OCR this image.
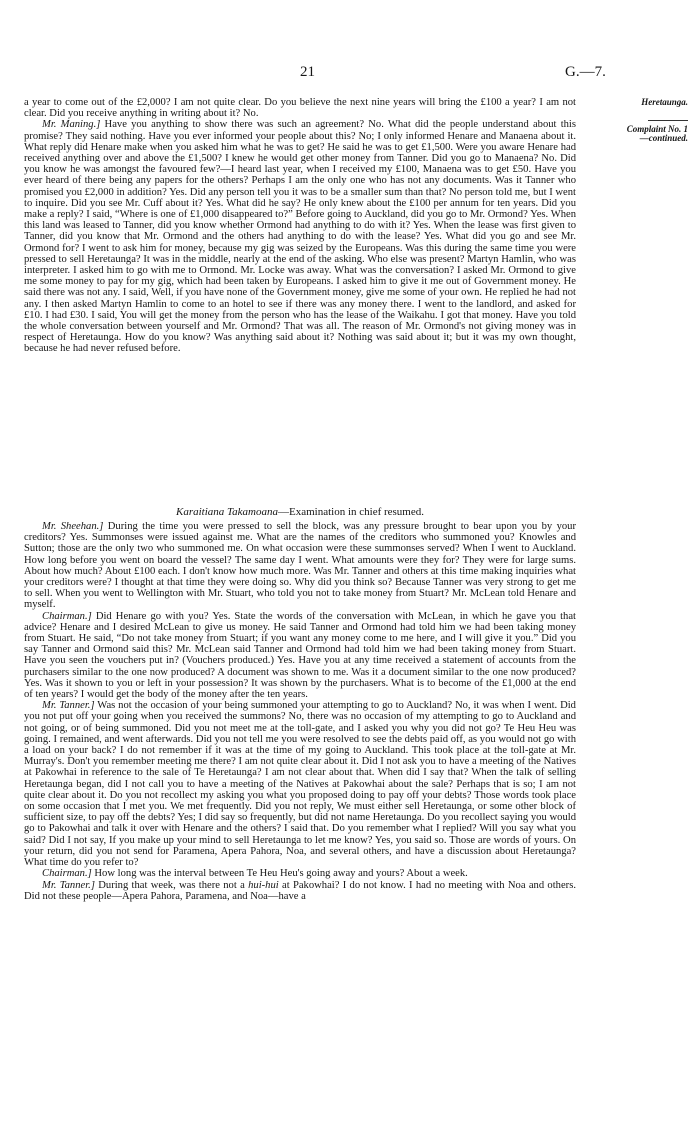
21	G.—7.
Heretaunga.
Complaint No. 1
—continued.

a year to come out of the £2,000? I am not quite clear. Do you believe the next nine years will bring the £100 a year? I am not clear. Did you receive anything in writing about it? No.

Mr. Maning.] Have you anything to show there was such an agreement? No. What did the people understand about this promise? They said nothing. Have you ever informed your people about this? No; I only informed Henare and Manaena about it. What reply did Henare make when you asked him what he was to get? He said he was to get £1,500. Were you aware Henare had received anything over and above the £1,500? I knew he would get other money from Tanner. Did you go to Manaena? No. Did you know he was amongst the favoured few?—I heard last year, when I received my £100, Manaena was to get £50. Have you ever heard of there being any papers for the others? Perhaps I am the only one who has not any documents. Was it Tanner who promised you £2,000 in addition? Yes. Did any person tell you it was to be a smaller sum than that? No person told me, but I went to inquire. Did you see Mr. Cuff about it? Yes. What did he say? He only knew about the £100 per annum for ten years. Did you make a reply? I said, “Where is one of £1,000 disappeared to?” Before going to Auckland, did you go to Mr. Ormond? Yes. When this land was leased to Tanner, did you know whether Ormond had anything to do with it? Yes. When the lease was first given to Tanner, did you know that Mr. Ormond and the others had anything to do with the lease? Yes. What did you go and see Mr. Ormond for? I went to ask him for money, because my gig was seized by the Europeans. Was this during the same time you were pressed to sell Heretaunga? It was in the middle, nearly at the end of the asking. Who else was present? Martyn Hamlin, who was interpreter. I asked him to go with me to Ormond. Mr. Locke was away. What was the conversation? I asked Mr. Ormond to give me some money to pay for my gig, which had been taken by Europeans. I asked him to give it me out of Government money. He said there was not any. I said, Well, if you have none of the Government money, give me some of your own. He replied he had not any. I then asked Martyn Hamlin to come to an hotel to see if there was any money there. I went to the landlord, and asked for £10. I had £30. I said, You will get the money from the person who has the lease of the Waikahu. I got that money. Have you told the whole conversation between yourself and Mr. Ormond? That was all. The reason of Mr. Ormond's not giving money was in respect of Heretaunga. How do you know? Was anything said about it? Nothing was said about it; but it was my own thought, because he had never refused before.

Karaitiana Takamoana—Examination in chief resumed.

Mr. Sheehan.] During the time you were pressed to sell the block, was any pressure brought to bear upon you by your creditors? Yes. Summonses were issued against me. What are the names of the creditors who summoned you? Knowles and Sutton; those are the only two who summoned me. On what occasion were these summonses served? When I went to Auckland. How long before you went on board the vessel? The same day I went. What amounts were they for? They were for large sums. About how much? About £100 each. I don't know how much more. Was Mr. Tanner and others at this time making inquiries what your creditors were? I thought at that time they were doing so. Why did you think so? Because Tanner was very strong to get me to sell. When you went to Wellington with Mr. Stuart, who told you not to take money from Stuart? Mr. McLean told Henare and myself.

Chairman.] Did Henare go with you? Yes. State the words of the conversation with McLean, in which he gave you that advice? Henare and I desired McLean to give us money. He said Tanner and Ormond had told him we had been taking money from Stuart. He said, “Do not take money from Stuart; if you want any money come to me here, and I will give it you.” Did you say Tanner and Ormond said this? Mr. McLean said Tanner and Ormond had told him we had been taking money from Stuart. Have you seen the vouchers put in? (Vouchers produced.) Yes. Have you at any time received a statement of accounts from the purchasers similar to the one now produced? A document was shown to me. Was it a document similar to the one now produced? Yes. Was it shown to you or left in your possession? It was shown by the purchasers. What is to become of the £1,000 at the end of ten years? I would get the body of the money after the ten years.

Mr. Tanner.] Was not the occasion of your being summoned your attempting to go to Auckland? No, it was when I went. Did you not put off your going when you received the summons? No, there was no occasion of my attempting to go to Auckland and not going, or of being summoned. Did you not meet me at the toll-gate, and I asked you why you did not go? Te Heu Heu was going. I remained, and went afterwards. Did you not tell me you were resolved to see the debts paid off, as you would not go with a load on your back? I do not remember if it was at the time of my going to Auckland. This took place at the toll-gate at Mr. Murray's. Don't you remember meeting me there? I am not quite clear about it. Did I not ask you to have a meeting of the Natives at Pakowhai in reference to the sale of Te Heretaunga? I am not clear about that. When did I say that? When the talk of selling Heretaunga began, did I not call you to have a meeting of the Natives at Pakowhai about the sale? Perhaps that is so; I am not quite clear about it. Do you not recollect my asking you what you proposed doing to pay off your debts? Those words took place on some occasion that I met you. We met frequently. Did you not reply, We must either sell Heretaunga, or some other block of sufficient size, to pay off the debts? Yes; I did say so frequently, but did not name Heretaunga. Do you recollect saying you would go to Pakowhai and talk it over with Henare and the others? I said that. Do you remember what I replied? Will you say what you said? Did I not say, If you make up your mind to sell Heretaunga to let me know? Yes, you said so. Those are words of yours. On your return, did you not send for Paramena, Apera Pahora, Noa, and several others, and have a discussion about Heretaunga? What time do you refer to?

Chairman.] How long was the interval between Te Heu Heu's going away and yours? About a week.

Mr. Tanner.] During that week, was there not a hui-hui at Pakowhai? I do not know. I had no meeting with Noa and others. Did not these people—Apera Pahora, Paramena, and Noa—have a
